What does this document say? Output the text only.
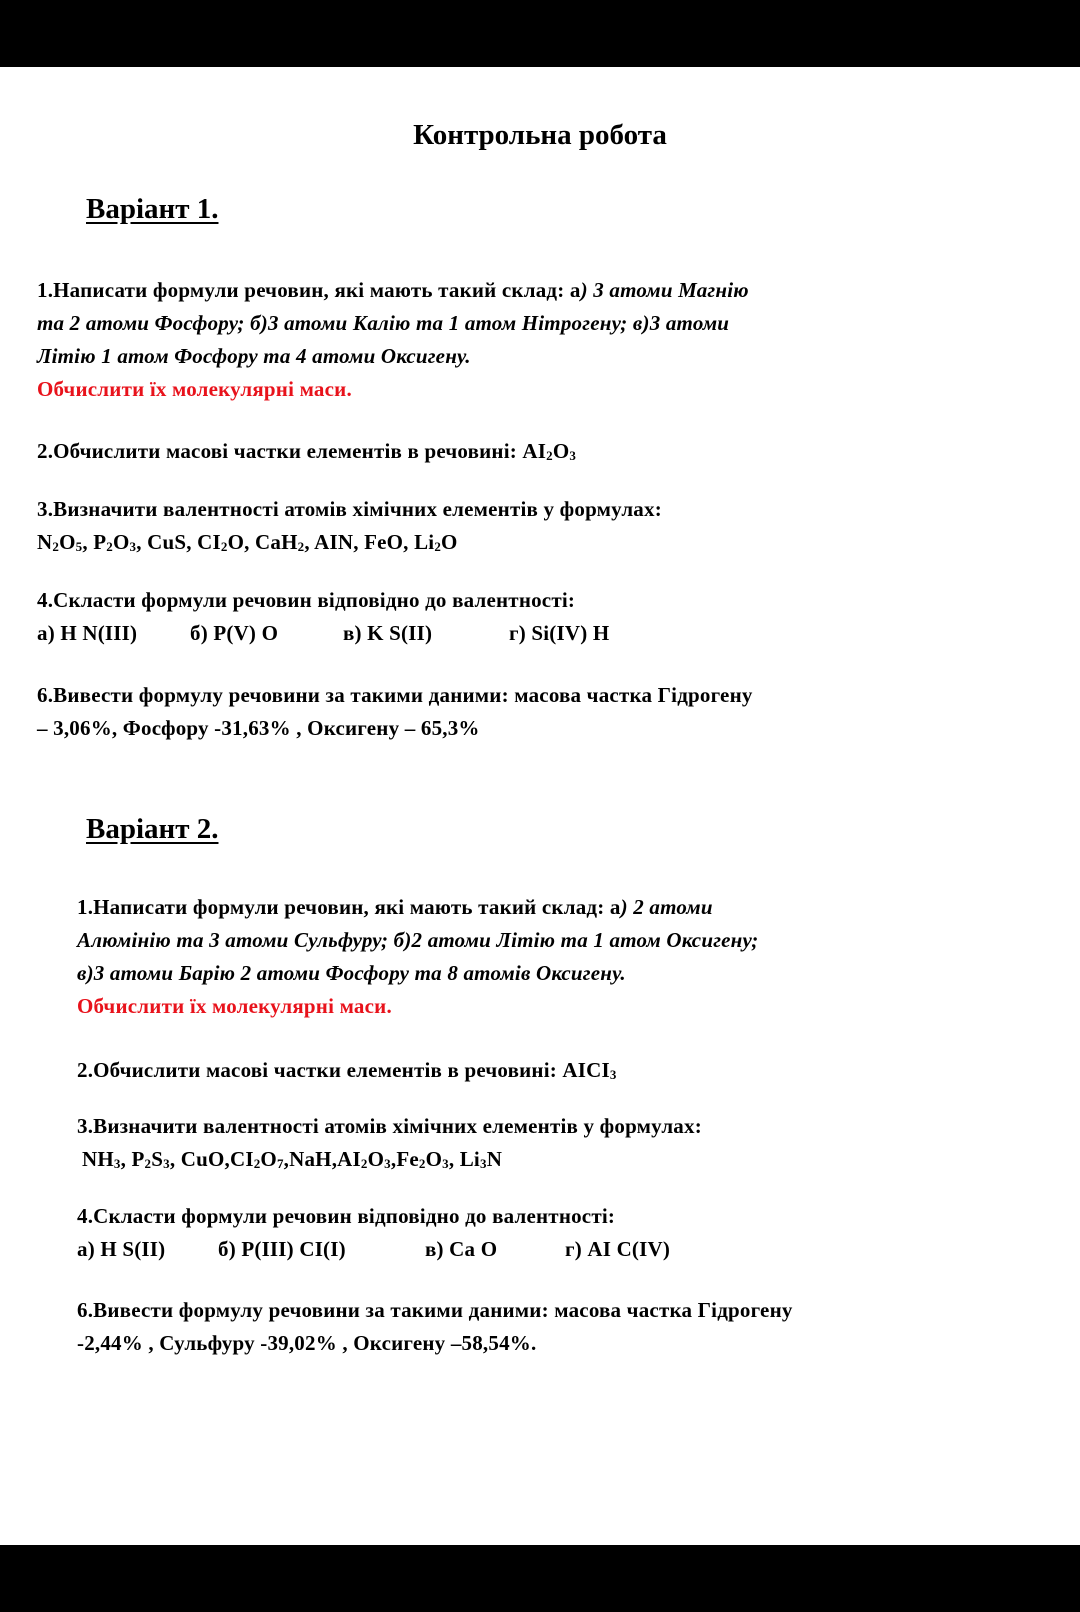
Контрольна робота
Варіант 1.
1.Написати формули речовин, які мають такий склад: а) 3 атоми Магнію
та 2 атоми Фосфору; б)3 атоми Калію та 1 атом Нітрогену; в)3 атоми
Літію 1 атом Фосфору та 4 атоми Оксигену.
Обчислити їх молекулярні маси.
2.Обчислити масові частки елементів в речовині: $AI_2O_3$
3.Визначити валентності атомів хімічних елементів у формулах:
$N_2O_5$, $P_2O_3$, CuS, $CI_2O$, CaH$_2$, AIN, FeO, $Li_2O$
4.Скласти формули речовин відповідно до валентності:
а) H N(III)	б) P(V) O	в) K S(II)	г) Si(IV) H
6.Вивести формулу речовини за такими даними: масова частка Гідрогену
– 3,06%, Фосфору -31,63% , Оксигену – 65,3%
Варіант 2.
1.Написати формули речовин, які мають такий склад: а) 2 атоми
Алюмінію та 3 атоми Сульфуру; б)2 атоми Літію та 1 атом Оксигену;
в)3 атоми Барію 2 атоми Фосфору та 8 атомів Оксигену.
Обчислити їх молекулярні маси.
2.Обчислити масові частки елементів в речовині: $AICI_3$
3.Визначити валентності атомів хімічних елементів у формулах:
$NH_3$, $P_2S_3$, $CuO,CI_2O_7,NaH,AI_2O_3,Fe_2O_3$, $Li_3N$
4.Скласти формули речовин відповідно до валентності:
а) H S(II)	б) P(III) CI(I)	в) Ca O	г) AI C(IV)
6.Вивести формулу речовини за такими даними: масова частка Гідрогену
-2,44% , Сульфуру -39,02% , Оксигену –58,54%.
